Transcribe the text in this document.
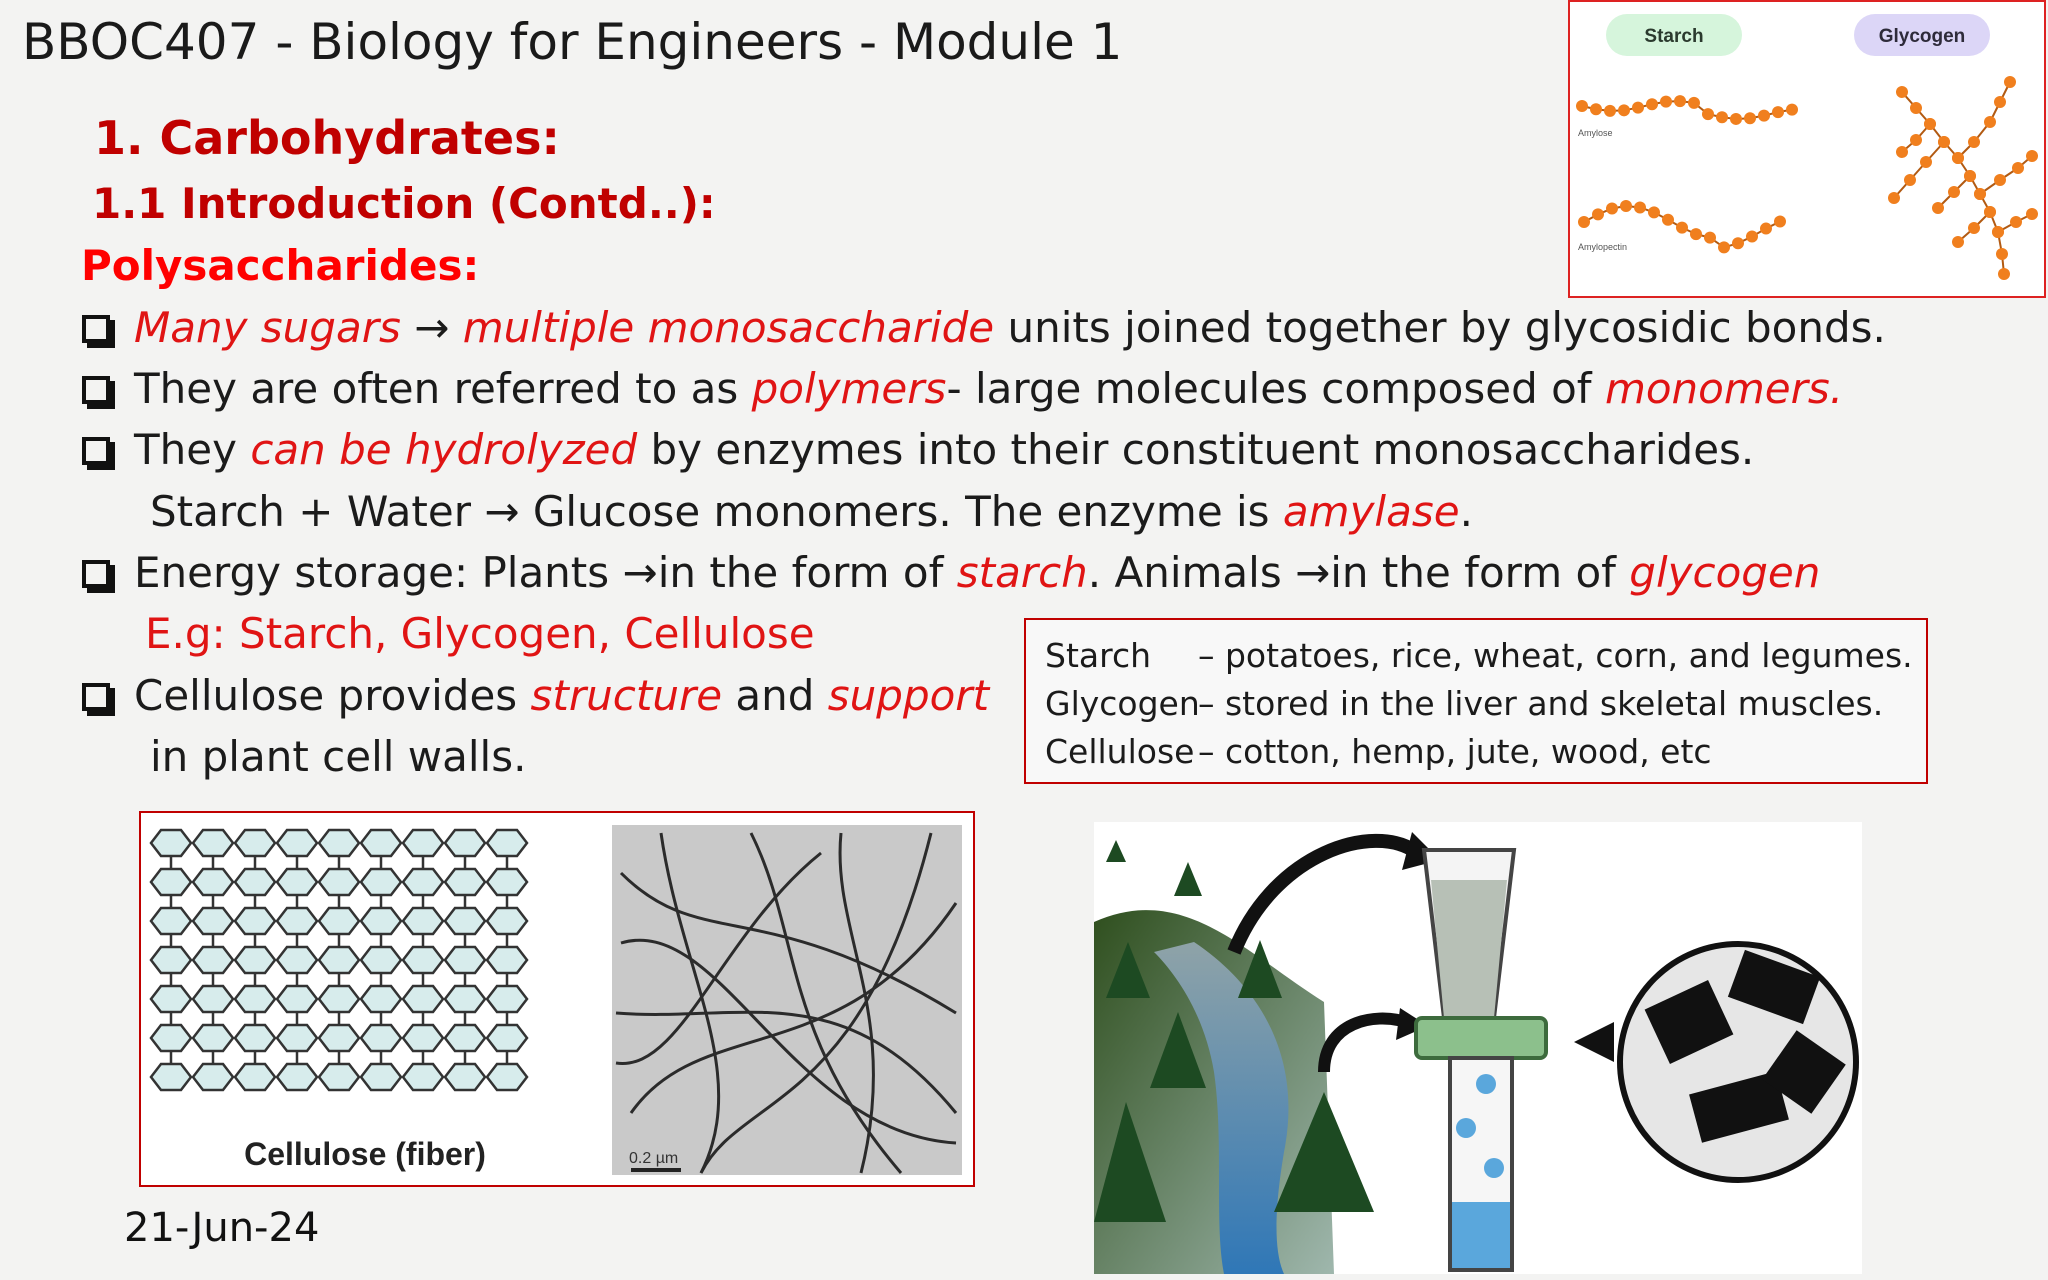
BBOC407 - Biology for Engineers - Module 1
1. Carbohydrates:
1.1 Introduction (Contd..):
Polysaccharides:
Many sugars → multiple monosaccharide units joined together by glycosidic bonds.
They are often referred to as polymers- large molecules composed of monomers.
They can be hydrolyzed by enzymes into their constituent monosaccharides.
Starch + Water → Glucose monomers. The enzyme is amylase.
Energy storage: Plants →in the form of starch. Animals →in the form of glycogen
E.g: Starch, Glycogen, Cellulose
Cellulose provides structure and support
in plant cell walls.
Starch – potatoes, rice, wheat, corn, and legumes.
Glycogen– stored in the liver and skeletal muscles.
Cellulose – cotton, hemp, jute, wood, etc
Starch	Glycogen
Amylose
Amylopectin
Cellulose (fiber)	0.2 µm
21-Jun-24
